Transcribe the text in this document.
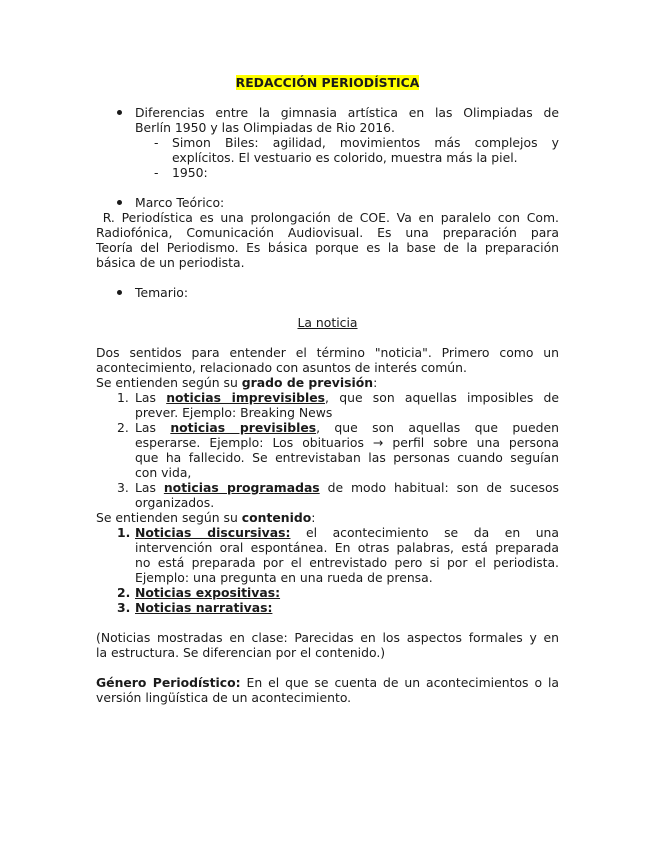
REDACCIÓN PERIODÍSTICA

Diferencias entre la gimnasia artística en las Olimpiadas de
Berlín 1950 y las Olimpiadas de Rio 2016.
- Simon Biles: agilidad, movimientos más complejos y
explícitos. El vestuario es colorido, muestra más la piel.
- 1950:
Marco Teórico:
R. Periodística es una prolongación de COE. Va en paralelo con Com.
Radiofónica, Comunicación Audiovisual. Es una preparación para
Teoría del Periodismo. Es básica porque es la base de la preparación
básica de un periodista.
Temario:

La noticia

Dos sentidos para entender el término "noticia". Primero como un
acontecimiento, relacionado con asuntos de interés común.

Se entienden según su grado de previsión:

1. Las noticias imprevisibles, que son aquellas imposibles de
prever. Ejemplo: Breaking News
2. Las noticias previsibles, que son aquellas que pueden
esperarse. Ejemplo: Los obituarios → perfil sobre una persona
que ha fallecido. Se entrevistaban las personas cuando seguían
con vida,
3. Las noticias programadas de modo habitual: son de sucesos
organizados.

Se entienden según su contenido:

1. Noticias discursivas: el acontecimiento se da en una
intervención oral espontánea. En otras palabras, está preparada
no está preparada por el entrevistado pero si por el periodista.
Ejemplo: una pregunta en una rueda de prensa.
2. Noticias expositivas:
3. Noticias narrativas:
(Noticias mostradas en clase: Parecidas en los aspectos formales y en
la estructura. Se diferencian por el contenido.)
Género Periodístico: En el que se cuenta de un acontecimientos o la
versión lingüística de un acontecimiento.
